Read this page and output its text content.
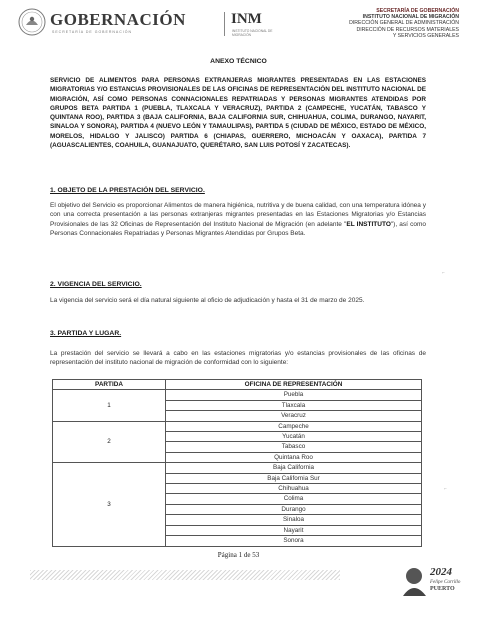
GOBERNACIÓN
SECRETARÍA DE GOBERNACIÓN
INM
INSTITUTO NACIONAL DE MIGRACIÓN
SECRETARÍA DE GOBERNACIÓN
INSTITUTO NACIONAL DE MIGRACIÓN
DIRECCIÓN GENERAL DE ADMINISTRACIÓN
DIRECCIÓN DE RECURSOS MATERIALES
Y SERVICIOS GENERALES
ANEXO TÉCNICO
SERVICIO DE ALIMENTOS PARA PERSONAS EXTRANJERAS MIGRANTES PRESENTADAS EN LAS ESTACIONES MIGRATORIAS Y/O ESTANCIAS PROVISIONALES DE LAS OFICINAS DE REPRESENTACIÓN DEL INSTITUTO NACIONAL DE MIGRACIÓN, ASÍ COMO PERSONAS CONNACIONALES REPATRIADAS Y PERSONAS MIGRANTES ATENDIDAS POR GRUPOS BETA PARTIDA 1 (PUEBLA, TLAXCALA Y VERACRUZ), PARTIDA 2 (CAMPECHE, YUCATÁN, TABASCO Y QUINTANA ROO), PARTIDA 3 (BAJA CALIFORNIA, BAJA CALIFORNIA SUR, CHIHUAHUA, COLIMA, DURANGO, NAYARIT, SINALOA Y SONORA), PARTIDA 4 (NUEVO LEÓN Y TAMAULIPAS), PARTIDA 5 (CIUDAD DE MÉXICO, ESTADO DE MÉXICO, MORELOS, HIDALGO Y JALISCO) PARTIDA 6 (CHIAPAS, GUERRERO, MICHOACÁN Y OAXACA), PARTIDA 7 (AGUASCALIENTES, COAHUILA, GUANAJUATO, QUERÉTARO, SAN LUIS POTOSÍ Y ZACATECAS).
1. OBJETO DE LA PRESTACIÓN DEL SERVICIO.
El objetivo del Servicio es proporcionar Alimentos de manera higiénica, nutritiva y de buena calidad, con una temperatura idónea y con una correcta presentación a las personas extranjeras migrantes presentadas en las Estaciones Migratorias y/o Estancias Provisionales de las 32 Oficinas de Representación del Instituto Nacional de Migración (en adelante "EL INSTITUTO"), así como Personas Connacionales Repatriadas y Personas Migrantes Atendidas por Grupos Beta.
2. VIGENCIA DEL SERVICIO.
La vigencia del servicio será el día natural siguiente al oficio de adjudicación y hasta el 31 de marzo de 2025.
3. PARTIDA Y LUGAR.
La prestación del servicio se llevará a cabo en las estaciones migratorias y/o estancias provisionales de las oficinas de representación del instituto nacional de migración de conformidad con lo siguiente:
PARTIDA	OFICINA DE REPRESENTACIÓN
1	Puebla
	Tlaxcala
	Veracruz
2	Campeche
	Yucatán
	Tabasco
	Quintana Roo
3	Baja California
	Baja California Sur
	Chihuahua
	Colima
	Durango
	Sinaloa
	Nayarit
	Sonora
Página 1 de 53
2024
Felipe Carrillo
PUERTO
⌐
⌐
